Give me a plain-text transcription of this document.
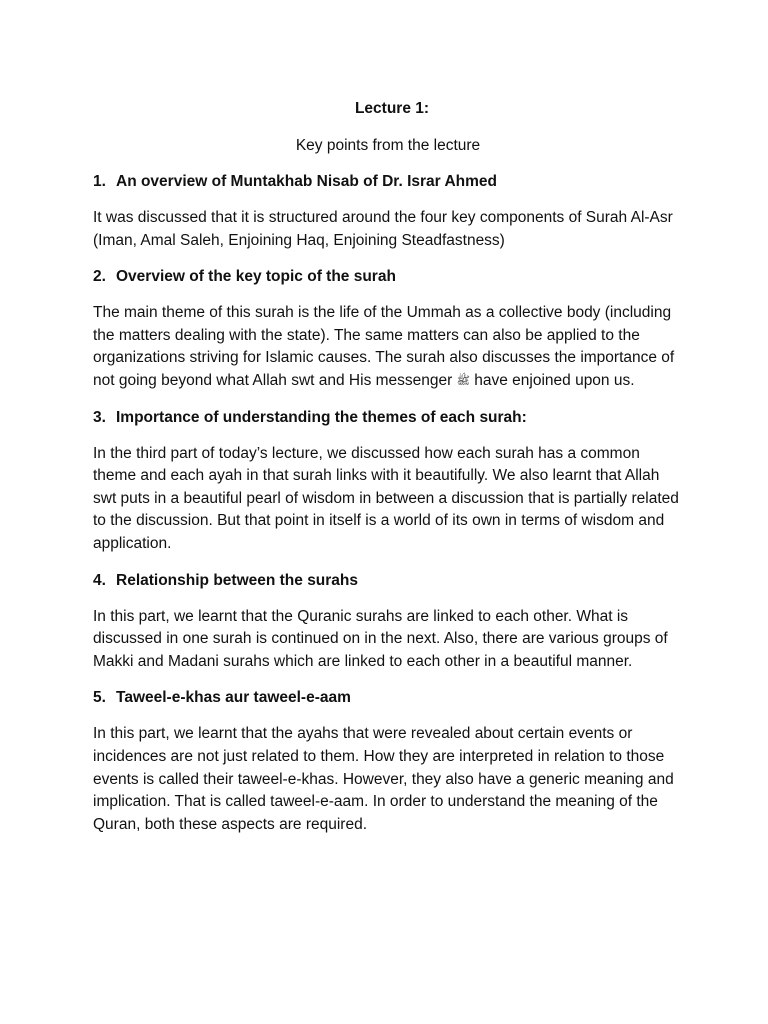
Lecture 1:
Key points from the lecture
1. An overview of Muntakhab Nisab of Dr. Israr Ahmed
It was discussed that it is structured around the four key components of Surah Al-Asr (Iman, Amal Saleh, Enjoining Haq, Enjoining Steadfastness)
2. Overview of the key topic of the surah
The main theme of this surah is the life of the Ummah as a collective body (including the matters dealing with the state). The same matters can also be applied to the organizations striving for Islamic causes. The surah also discusses the importance of not going beyond what Allah swt and His messenger ﷺ have enjoined upon us.
3. Importance of understanding the themes of each surah:
In the third part of today’s lecture, we discussed how each surah has a common theme and each ayah in that surah links with it beautifully. We also learnt that Allah swt puts in a beautiful pearl of wisdom in between a discussion that is partially related to the discussion. But that point in itself is a world of its own in terms of wisdom and application.
4. Relationship between the surahs
In this part, we learnt that the Quranic surahs are linked to each other. What is discussed in one surah is continued on in the next. Also, there are various groups of Makki and Madani surahs which are linked to each other in a beautiful manner.
5. Taweel-e-khas aur taweel-e-aam
In this part, we learnt that the ayahs that were revealed about certain events or incidences are not just related to them. How they are interpreted in relation to those events is called their taweel-e-khas. However, they also have a generic meaning and implication. That is called taweel-e-aam. In order to understand the meaning of the Quran, both these aspects are required.
